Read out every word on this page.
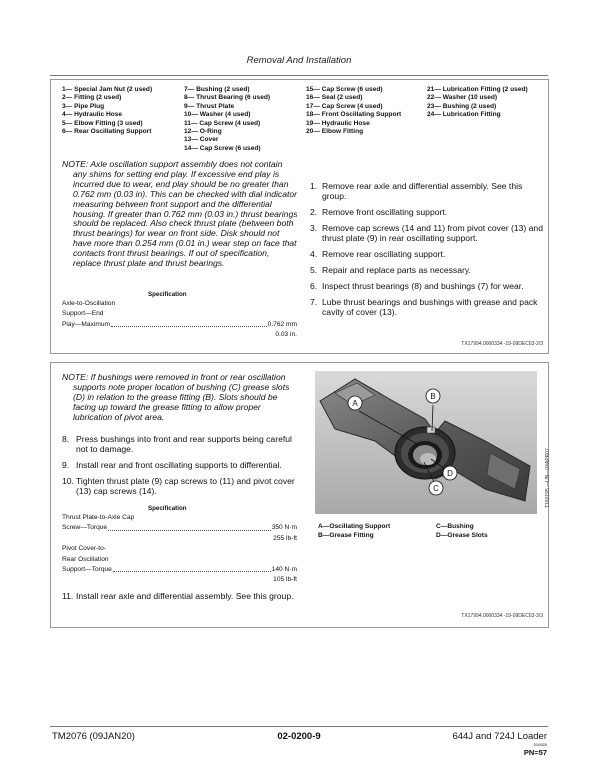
Removal And Installation
1— Special Jam Nut (2 used)
2— Fitting (2 used)
3— Pipe Plug
4— Hydraulic Hose
5— Elbow Fitting (3 used)
6— Rear Oscillating Support
7— Bushing (2 used)
8— Thrust Bearing (6 used)
9— Thrust Plate
10— Washer (4 used)
11— Cap Screw (4 used)
12— O-Ring
13— Cover
14— Cap Screw (6 used)
15— Cap Screw (6 used)
16— Seal (2 used)
17— Cap Screw (4 used)
18— Front Oscillating Support
19— Hydraulic Hose
20— Elbow Fitting
21— Lubrication Fitting (2 used)
22— Washer (10 used)
23— Bushing (2 used)
24— Lubrication Fitting

NOTE: Axle oscillation support assembly does not contain any shims for setting end play. If excessive end play is incurred due to wear, end play should be no greater than 0.762 mm (0.03 in). This can be checked with dial indicator measuring between front support and the differential housing. If greater than 0.762 mm (0.03 in.) thrust bearings should be replaced. Also check thrust plate (between both thrust bearings) for wear on front side. Disk should not have more than 0.254 mm (0.01 in.) wear step on face that contacts front thrust bearings. If out of specification, replace thrust plate and thrust bearings.

Specification
Axle-to-Oscillation
Support—End
Play—Maximum	0.762 mm
0.03 in.
1. Remove rear axle and differential assembly. See this group.
2. Remove front oscillating support.
3. Remove cap screws (14 and 11) from pivot cover (13) and thrust plate (9) in rear oscillating support.
4. Remove rear oscillating support.
5. Repair and replace parts as necessary.
6. Inspect thrust bearings (8) and bushings (7) for wear.
7. Lube thrust bearings and bushings with grease and pack cavity of cover (13).
TX17994,0000334 -19-09DEC03-2/3

NOTE: If bushings were removed in front or rear oscillation supports note proper location of bushing (C) grease slots (D) in relation to the grease fitting (B). Slots should be facing up toward the grease fitting to allow proper lubrication of pivot area.

8. Press bushings into front and rear supports being careful not to damage.
9. Install rear and front oscillating supports to differential.
10. Tighten thrust plate (9) cap screws to (11) and pivot cover (13) cap screws (14).
Specification
Thrust Plate-to-Axle Cap
Screw—Torque	350 N·m
255 lb-ft
Pivot Cover-to-
Rear Oscillation
Support—Torque	140 N·m
105 lb-ft
11. Install rear axle and differential assembly. See this group.
A
B
C
D	T160195 —UN—04APR07
A—Oscillating Support
B—Grease Fitting
C—Bushing
D—Grease Slots
TX17994,0000334 -19-09DEC03-3/3
TM2076 (09JAN20)	02-0200-9	644J and 724J Loader
010920
PN=57
